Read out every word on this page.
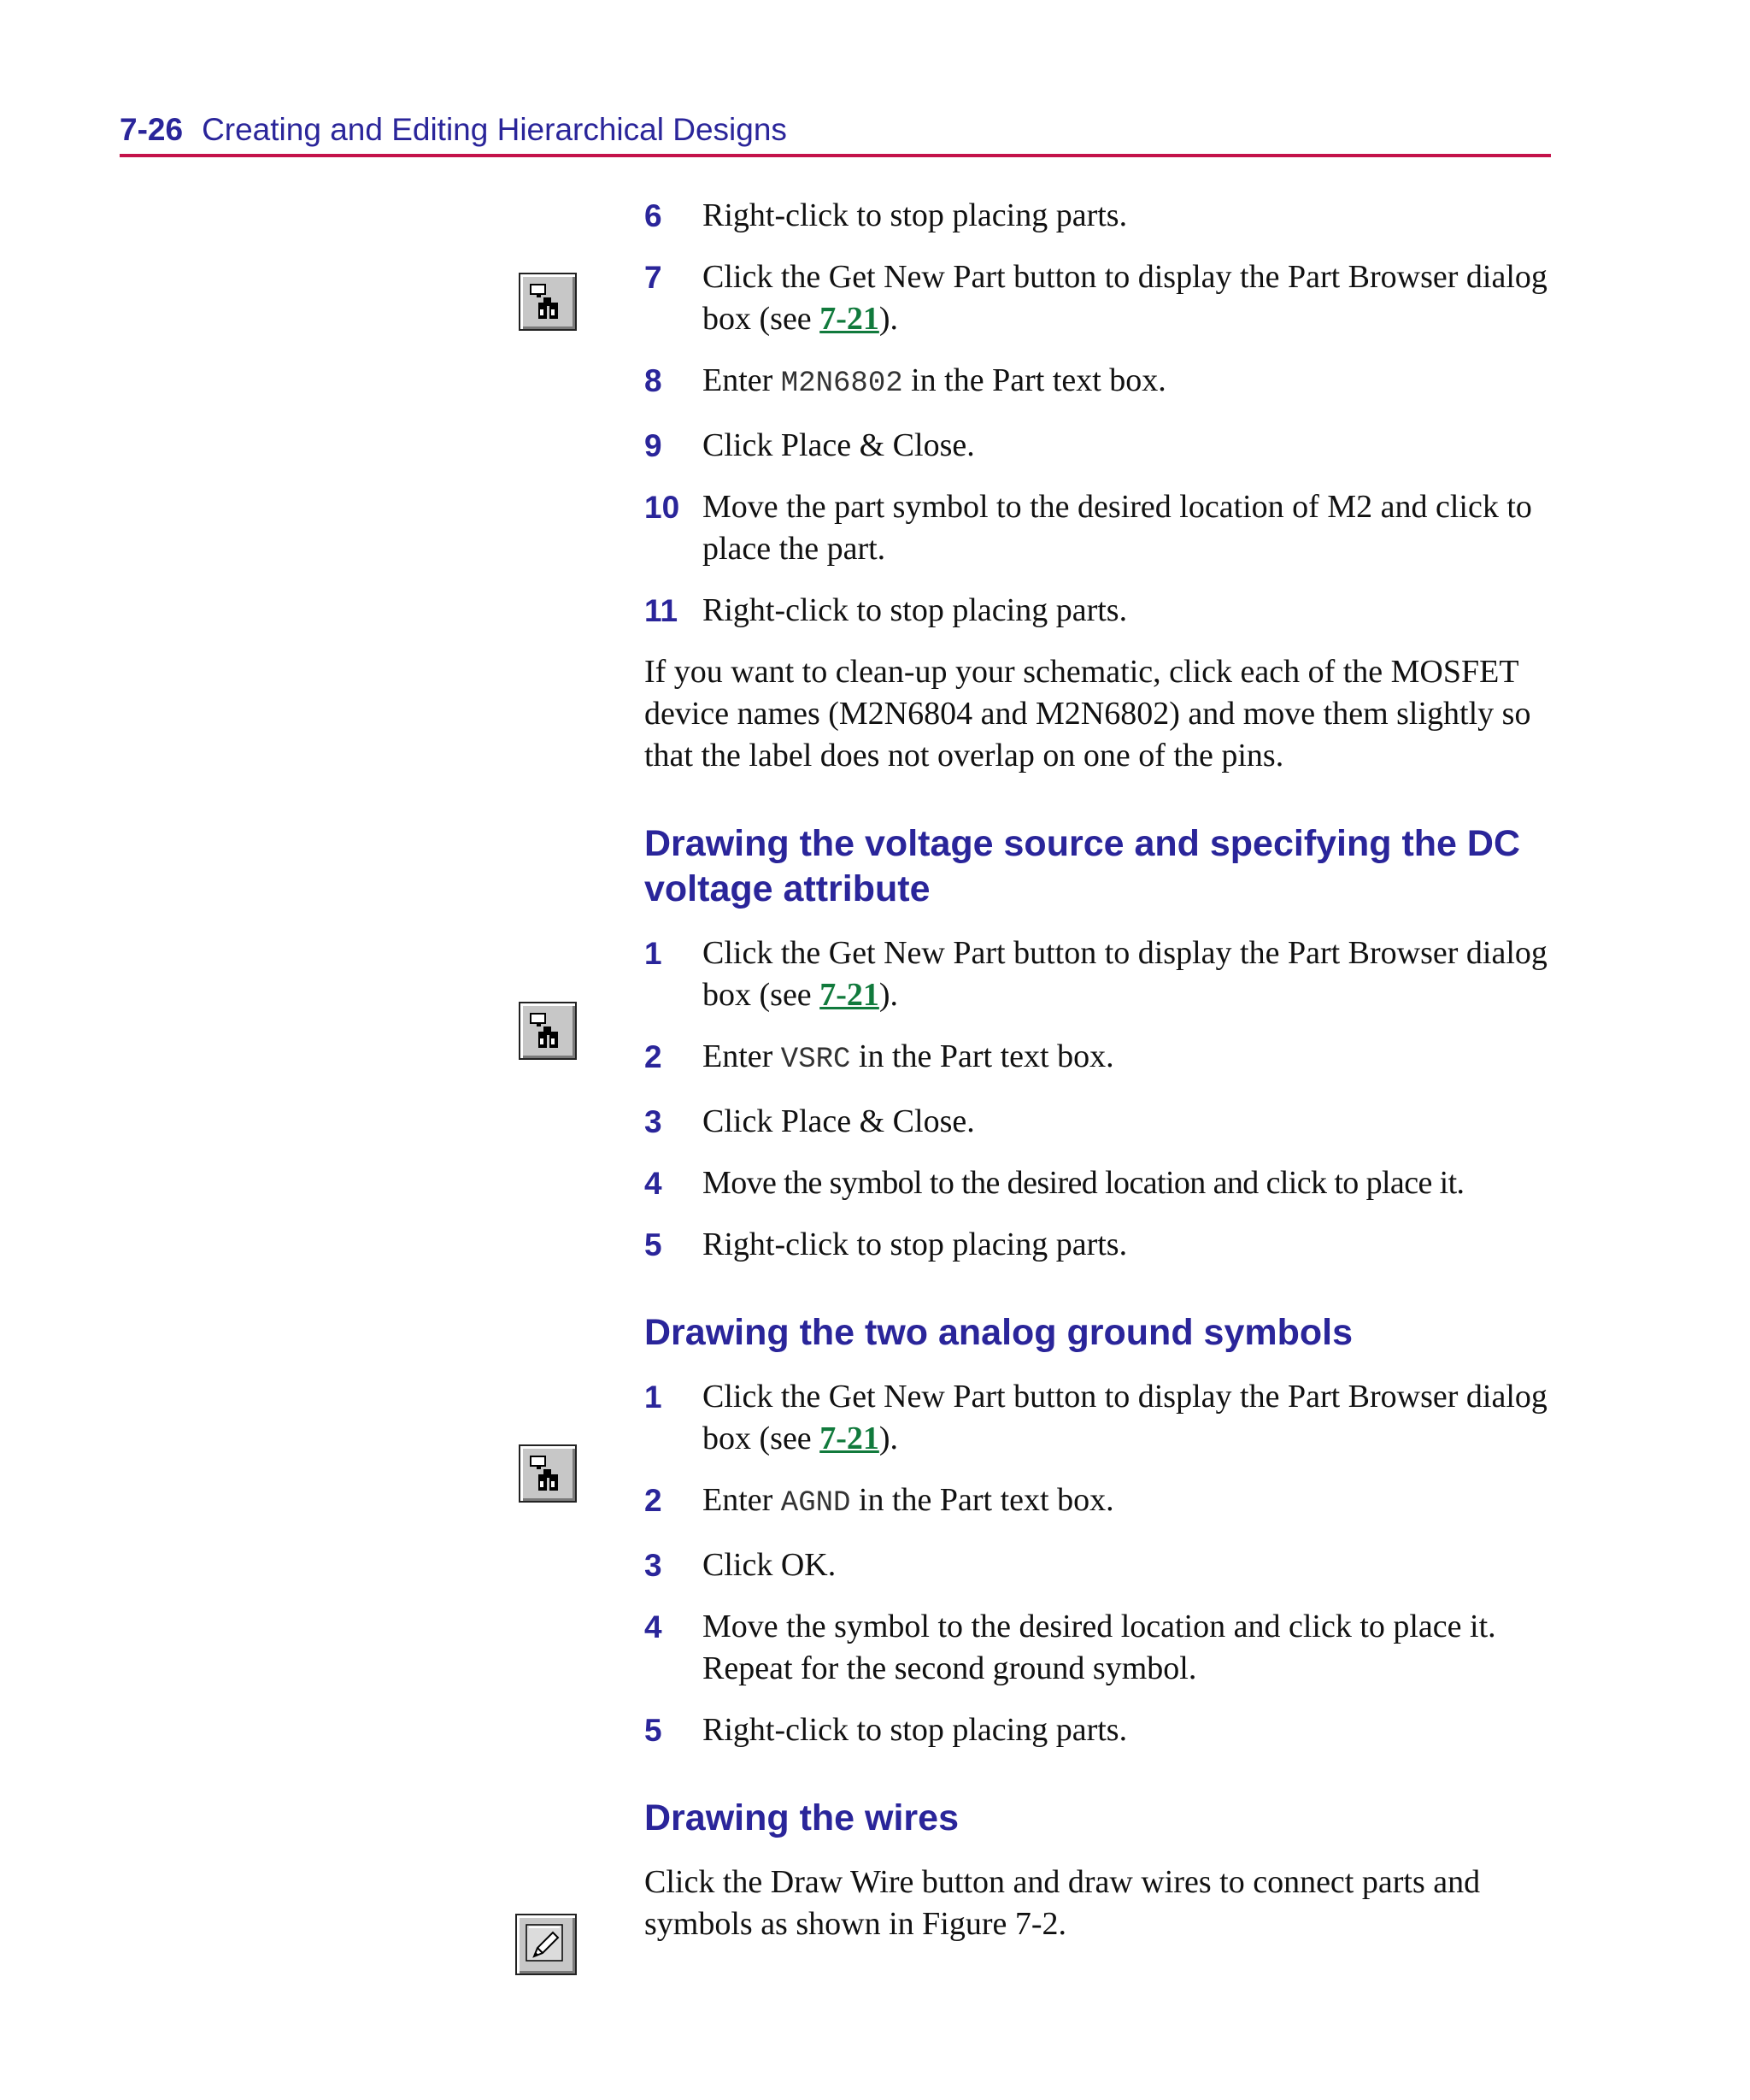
7-26 Creating and Editing Hierarchical Designs
6 Right-click to stop placing parts.
7 Click the Get New Part button to display the Part Browser dialog box (see 7-21).
8 Enter M2N6802 in the Part text box.
9 Click Place & Close.
10 Move the part symbol to the desired location of M2 and click to place the part.
11 Right-click to stop placing parts.

If you want to clean-up your schematic, click each of the MOSFET device names (M2N6804 and M2N6802) and move them slightly so that the label does not overlap on one of the pins.

Drawing the voltage source and specifying the DC voltage attribute
1 Click the Get New Part button to display the Part Browser dialog box (see 7-21).
2 Enter VSRC in the Part text box.
3 Click Place & Close.
4 Move the symbol to the desired location and click to place it.
5 Right-click to stop placing parts.
Drawing the two analog ground symbols
1 Click the Get New Part button to display the Part Browser dialog box (see 7-21).
2 Enter AGND in the Part text box.
3 Click OK.
4 Move the symbol to the desired location and click to place it. Repeat for the second ground symbol.
5 Right-click to stop placing parts.
Drawing the wires

Click the Draw Wire button and draw wires to connect parts and symbols as shown in Figure 7-2.
